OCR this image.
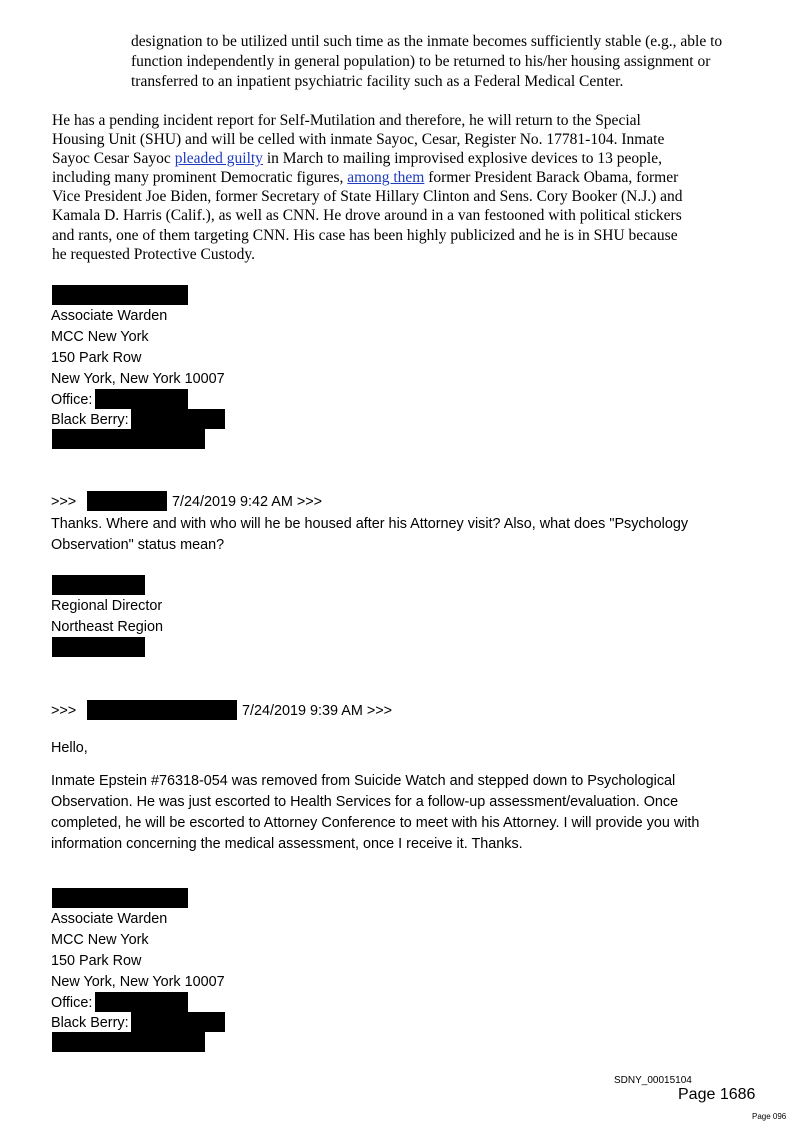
designation to be utilized until such time as the inmate becomes sufficiently stable (e.g., able to
function independently in general population) to be returned to his/her housing assignment or
transferred to an inpatient psychiatric facility such as a Federal Medical Center.
He has a pending incident report for Self-Mutilation and therefore, he will return to the Special
Housing Unit (SHU) and will be celled with inmate Sayoc, Cesar, Register No. 17781-104. Inmate
Sayoc Cesar Sayoc pleaded guilty in March to mailing improvised explosive devices to 13 people,
including many prominent Democratic figures, among them former President Barack Obama, former
Vice President Joe Biden, former Secretary of State Hillary Clinton and Sens. Cory Booker (N.J.) and
Kamala D. Harris (Calif.), as well as CNN. He drove around in a van festooned with political stickers
and rants, one of them targeting CNN. His case has been highly publicized and he is in SHU because
he requested Protective Custody.
Associate Warden
MCC New York
150 Park Row
New York, New York 10007
Office:
Black Berry:
>>>	7/24/2019 9:42 AM >>>
Thanks. Where and with who will he be housed after his Attorney visit? Also, what does "Psychology
Observation" status mean?
Regional Director
Northeast Region
>>>	7/24/2019 9:39 AM >>>
Hello,
Inmate Epstein #76318-054 was removed from Suicide Watch and stepped down to Psychological
Observation. He was just escorted to Health Services for a follow-up assessment/evaluation. Once
completed, he will be escorted to Attorney Conference to meet with his Attorney. I will provide you with
information concerning the medical assessment, once I receive it. Thanks.
Associate Warden
MCC New York
150 Park Row
New York, New York 10007
Office:
Black Berry:
SDNY_00015104
Page 1686
Page 096
